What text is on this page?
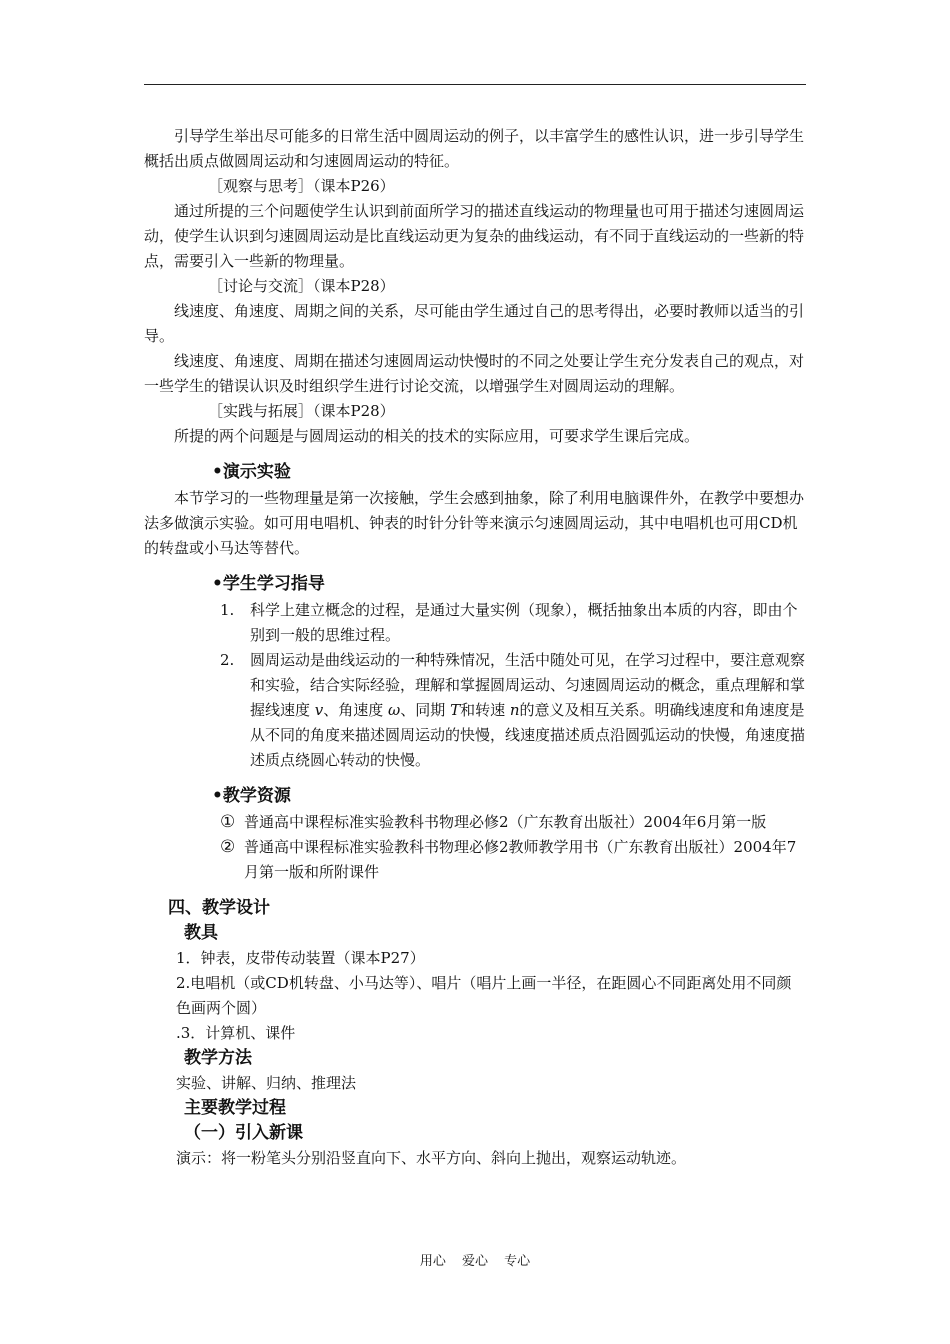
引导学生举出尽可能多的日常生活中圆周运动的例子，以丰富学生的感性认识，进一步引导学生概括出质点做圆周运动和匀速圆周运动的特征。

［观察与思考］（课本P26）

通过所提的三个问题使学生认识到前面所学习的描述直线运动的物理量也可用于描述匀速圆周运动，使学生认识到匀速圆周运动是比直线运动更为复杂的曲线运动，有不同于直线运动的一些新的特点，需要引入一些新的物理量。

［讨论与交流］（课本P28）

线速度、角速度、周期之间的关系，尽可能由学生通过自己的思考得出，必要时教师以适当的引导。

线速度、角速度、周期在描述匀速圆周运动快慢时的不同之处要让学生充分发表自己的观点，对一些学生的错误认识及时组织学生进行讨论交流，以增强学生对圆周运动的理解。

［实践与拓展］（课本P28）

所提的两个问题是与圆周运动的相关的技术的实际应用，可要求学生课后完成。

•演示实验

本节学习的一些物理量是第一次接触，学生会感到抽象，除了利用电脑课件外，在教学中要想办法多做演示实验。如可用电唱机、钟表的时针分针等来演示匀速圆周运动，其中电唱机也可用CD机的转盘或小马达等替代。

•学生学习指导
1.	科学上建立概念的过程，是通过大量实例（现象），概括抽象出本质的内容，即由个别到一般的思维过程。
2.	圆周运动是曲线运动的一种特殊情况，生活中随处可见，在学习过程中，要注意观察和实验，结合实际经验，理解和掌握圆周运动、匀速圆周运动的概念，重点理解和掌握线速度 v、角速度 ω、同期 T和转速 n的意义及相互关系。明确线速度和角速度是从不同的角度来描述圆周运动的快慢，线速度描述质点沿圆弧运动的快慢，角速度描述质点绕圆心转动的快慢。
•教学资源
① 普通高中课程标准实验教科书物理必修2（广东教育出版社）2004年6月第一版
② 普通高中课程标准实验教科书物理必修2教师教学用书（广东教育出版社）2004年7月第一版和所附课件
四、教学设计
教具

1．钟表，皮带传动装置（课本P27）

2.电唱机（或CD机转盘、小马达等）、唱片（唱片上画一半径，在距圆心不同距离处用不同颜色画两个圆）

.3．计算机、课件

教学方法

实验、讲解、归纳、推理法

主要教学过程
（一）引入新课

演示：将一粉笔头分别沿竖直向下、水平方向、斜向上抛出，观察运动轨迹。

用心 爱心 专心
